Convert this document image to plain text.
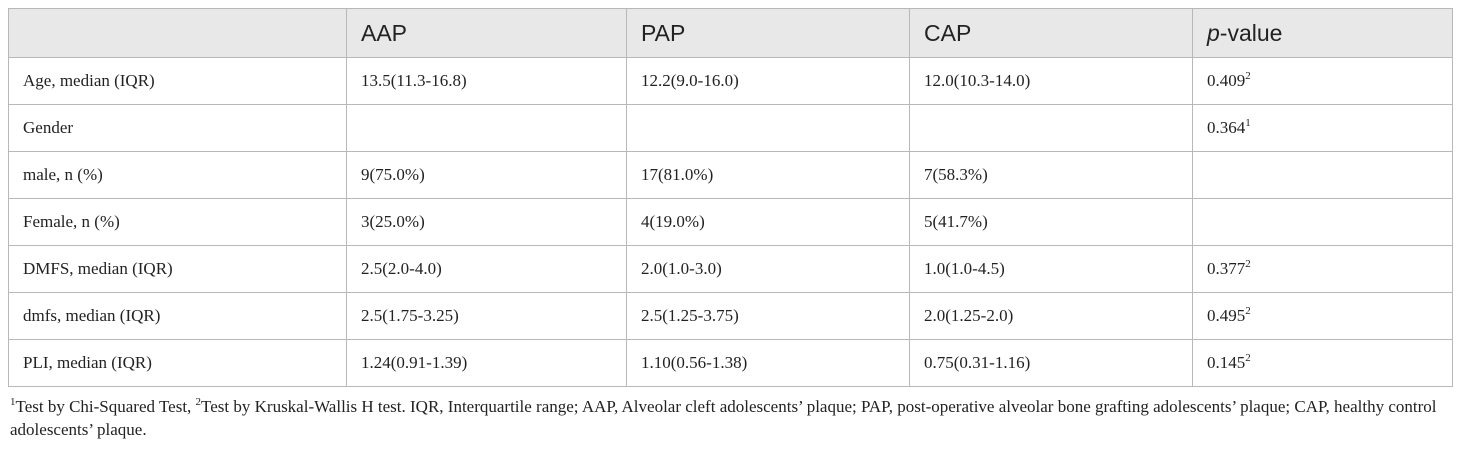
	AAP	PAP	CAP	p-value
Age, median (IQR)	13.5(11.3-16.8)	12.2(9.0-16.0)	12.0(10.3-14.0)	0.409$^2$
Gender				0.364$^1$
male, n (%)	9(75.0%)	17(81.0%)	7(58.3%)	
Female, n (%)	3(25.0%)	4(19.0%)	5(41.7%)	
DMFS, median (IQR)	2.5(2.0-4.0)	2.0(1.0-3.0)	1.0(1.0-4.5)	0.377$^2$
dmfs, median (IQR)	2.5(1.75-3.25)	2.5(1.25-3.75)	2.0(1.25-2.0)	0.495$^2$
PLI, median (IQR)	1.24(0.91-1.39)	1.10(0.56-1.38)	0.75(0.31-1.16)	0.145$^2$
$^1$Test by Chi-Squared Test, $^2$Test by Kruskal-Wallis H test. IQR, Interquartile range; AAP, Alveolar cleft adolescents’ plaque; PAP, post-operative alveolar bone grafting adolescents’ plaque; CAP, healthy control adolescents’ plaque.
